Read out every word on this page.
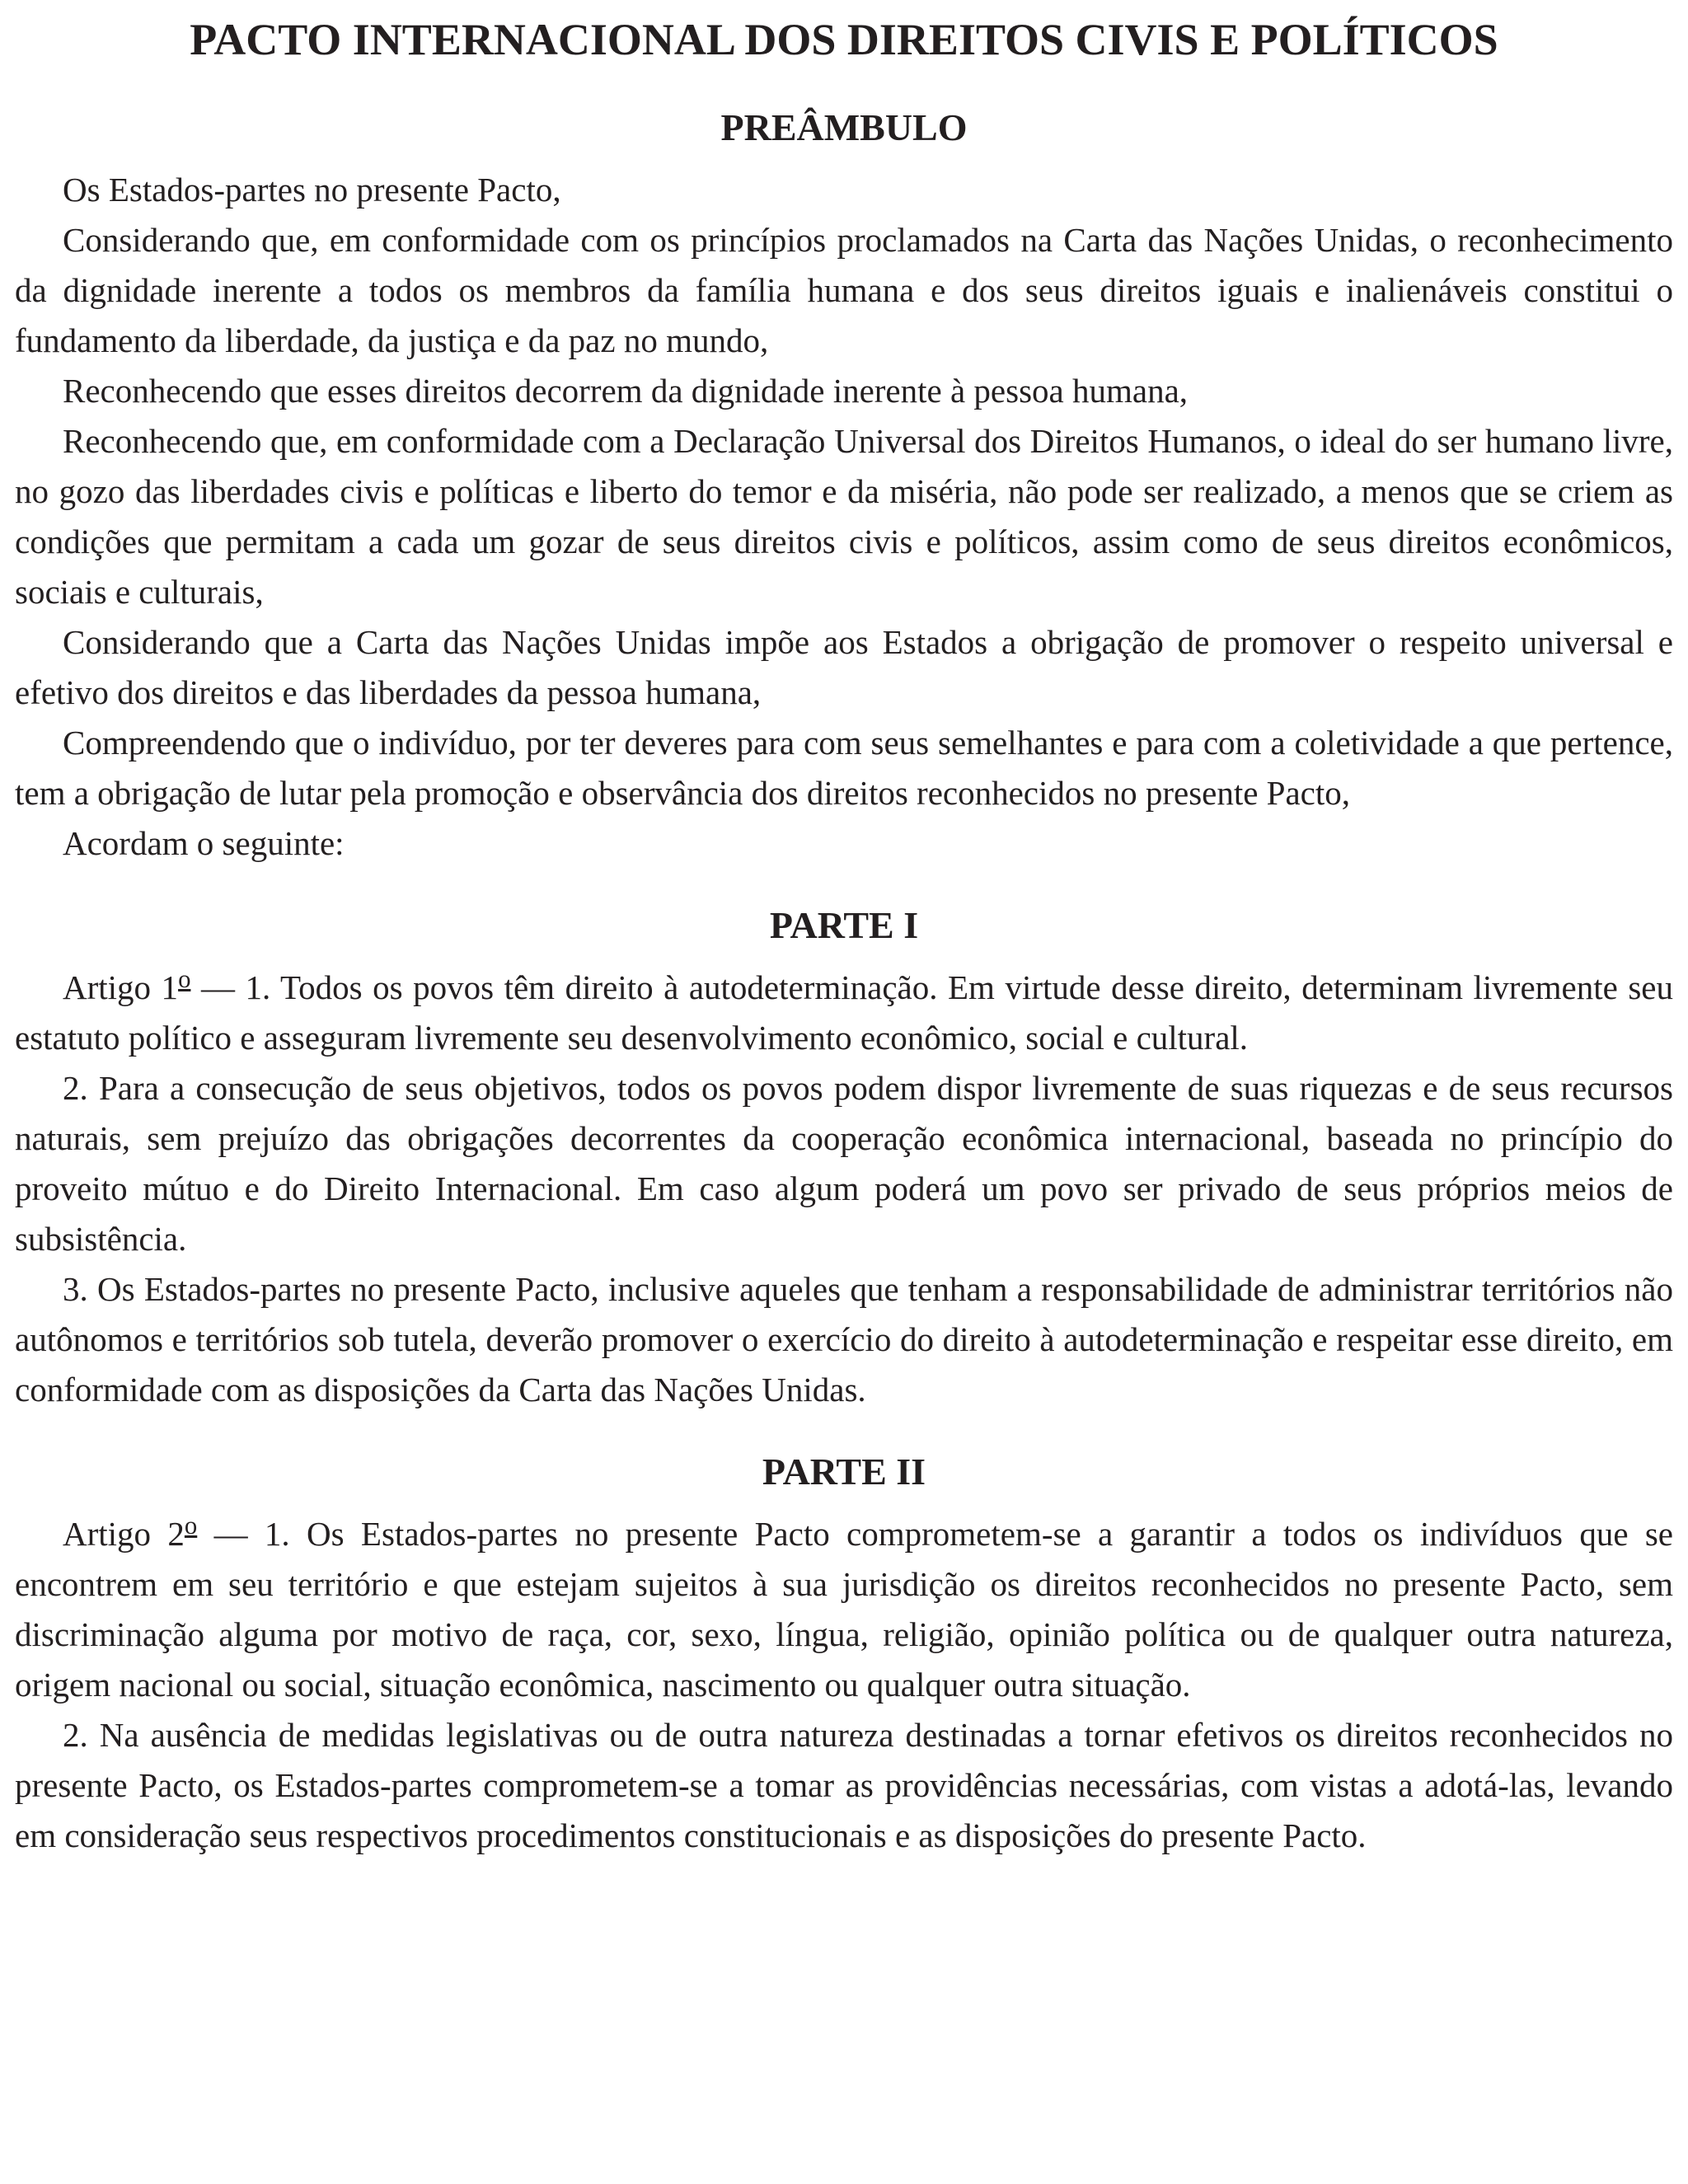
PACTO INTERNACIONAL DOS DIREITOS CIVIS E POLÍTICOS
PREÂMBULO

Os Estados-partes no presente Pacto,

Considerando que, em conformidade com os princípios proclamados na Carta das Nações Unidas, o reconhecimento da dignidade inerente a todos os membros da família humana e dos seus direitos iguais e inalienáveis constitui o fundamento da liberdade, da justiça e da paz no mundo,

Reconhecendo que esses direitos decorrem da dignidade inerente à pessoa humana,

Reconhecendo que, em conformidade com a Declaração Universal dos Direitos Humanos, o ideal do ser humano livre, no gozo das liberdades civis e políticas e liberto do temor e da miséria, não pode ser realizado, a menos que se criem as condições que permitam a cada um gozar de seus direitos civis e políticos, assim como de seus direitos econômicos, sociais e culturais,

Considerando que a Carta das Nações Unidas impõe aos Estados a obrigação de promover o respeito universal e efetivo dos direitos e das liberdades da pessoa humana,

Compreendendo que o indivíduo, por ter deveres para com seus semelhantes e para com a coletividade a que pertence, tem a obrigação de lutar pela promoção e observância dos direitos reconhecidos no presente Pacto,

Acordam o seguinte:

PARTE I

Artigo 1$^o$ — 1. Todos os povos têm direito à autodeterminação. Em virtude desse direito, determinam livremente seu estatuto político e asseguram livremente seu desenvolvimento econômico, social e cultural.

2. Para a consecução de seus objetivos, todos os povos podem dispor livremente de suas riquezas e de seus recursos naturais, sem prejuízo das obrigações decorrentes da cooperação econômica internacional, baseada no princípio do proveito mútuo e do Direito Internacional. Em caso algum poderá um povo ser privado de seus próprios meios de subsistência.

3. Os Estados-partes no presente Pacto, inclusive aqueles que tenham a responsabilidade de administrar territórios não autônomos e territórios sob tutela, deverão promover o exercício do direito à autodeterminação e respeitar esse direito, em conformidade com as disposições da Carta das Nações Unidas.

PARTE II

Artigo 2$^o$ — 1. Os Estados-partes no presente Pacto comprometem-se a garantir a todos os indivíduos que se encontrem em seu território e que estejam sujeitos à sua jurisdição os direitos reconhecidos no presente Pacto, sem discriminação alguma por motivo de raça, cor, sexo, língua, religião, opinião política ou de qualquer outra natureza, origem nacional ou social, situação econômica, nascimento ou qualquer outra situação.

2. Na ausência de medidas legislativas ou de outra natureza destinadas a tornar efetivos os direitos reconhecidos no presente Pacto, os Estados-partes comprometem-se a tomar as providências necessárias, com vistas a adotá-las, levando em consideração seus respectivos procedimentos constitucionais e as disposições do presente Pacto.
